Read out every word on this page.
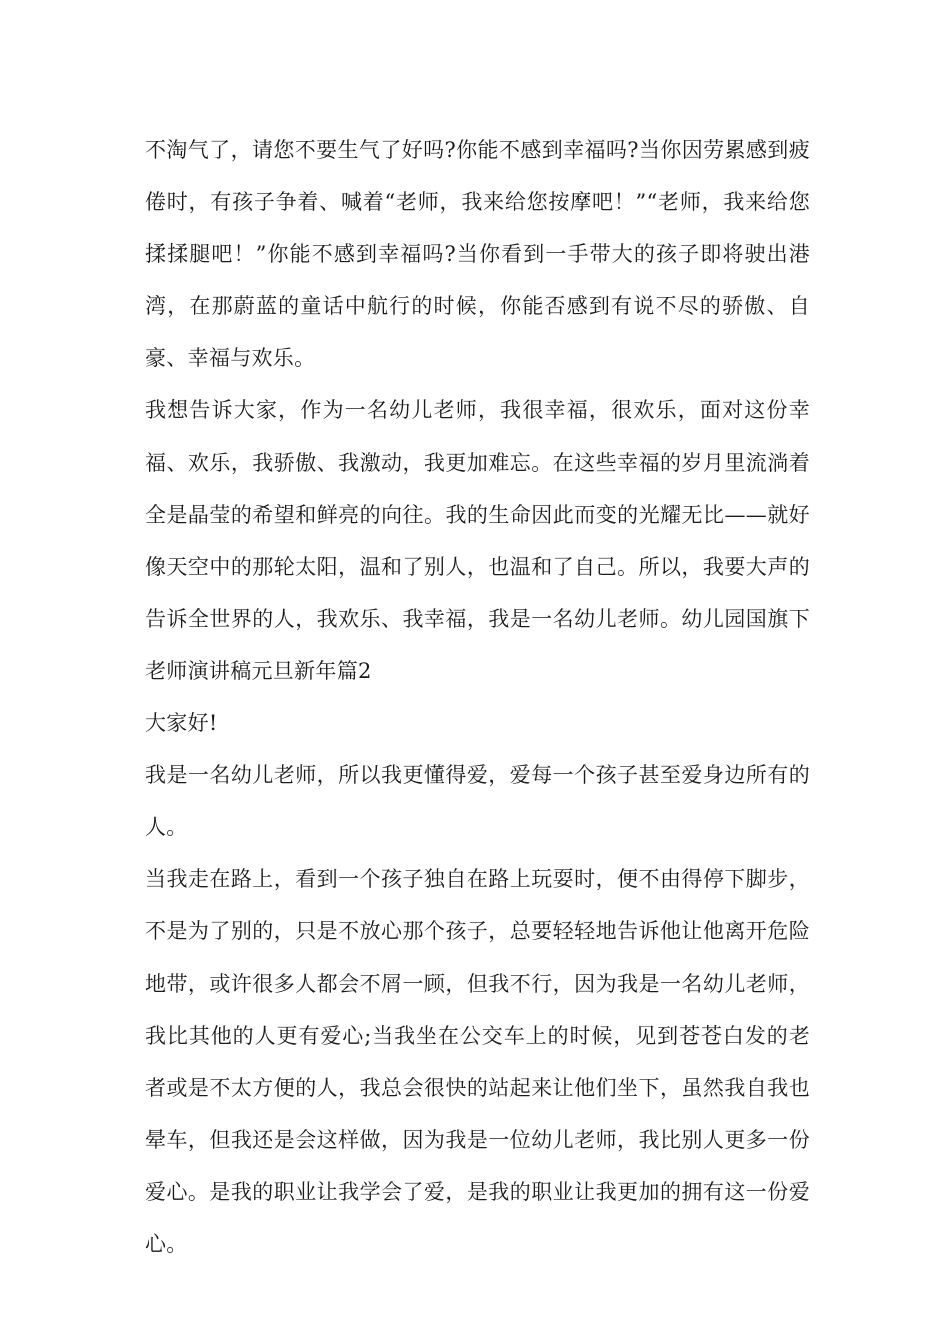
不淘气了，请您不要生气了好吗?你能不感到幸福吗?当你因劳累感到疲倦时，有孩子争着、喊着“老师，我来给您按摩吧！”“老师，我来给您揉揉腿吧！”你能不感到幸福吗?当你看到一手带大的孩子即将驶出港湾，在那蔚蓝的童话中航行的时候，你能否感到有说不尽的骄傲、自豪、幸福与欢乐。

我想告诉大家，作为一名幼儿老师，我很幸福，很欢乐，面对这份幸福、欢乐，我骄傲、我激动，我更加难忘。在这些幸福的岁月里流淌着全是晶莹的希望和鲜亮的向往。我的生命因此而变的光耀无比——就好像天空中的那轮太阳，温和了别人，也温和了自己。所以，我要大声的告诉全世界的人，我欢乐、我幸福，我是一名幼儿老师。幼儿园国旗下老师演讲稿元旦新年篇2

大家好!

我是一名幼儿老师，所以我更懂得爱，爱每一个孩子甚至爱身边所有的人。

当我走在路上，看到一个孩子独自在路上玩耍时，便不由得停下脚步，不是为了别的，只是不放心那个孩子，总要轻轻地告诉他让他离开危险地带，或许很多人都会不屑一顾，但我不行，因为我是一名幼儿老师，我比其他的人更有爱心;当我坐在公交车上的时候，见到苍苍白发的老者或是不太方便的人，我总会很快的站起来让他们坐下，虽然我自我也晕车，但我还是会这样做，因为我是一位幼儿老师，我比别人更多一份爱心。是我的职业让我学会了爱，是我的职业让我更加的拥有这一份爱心。
